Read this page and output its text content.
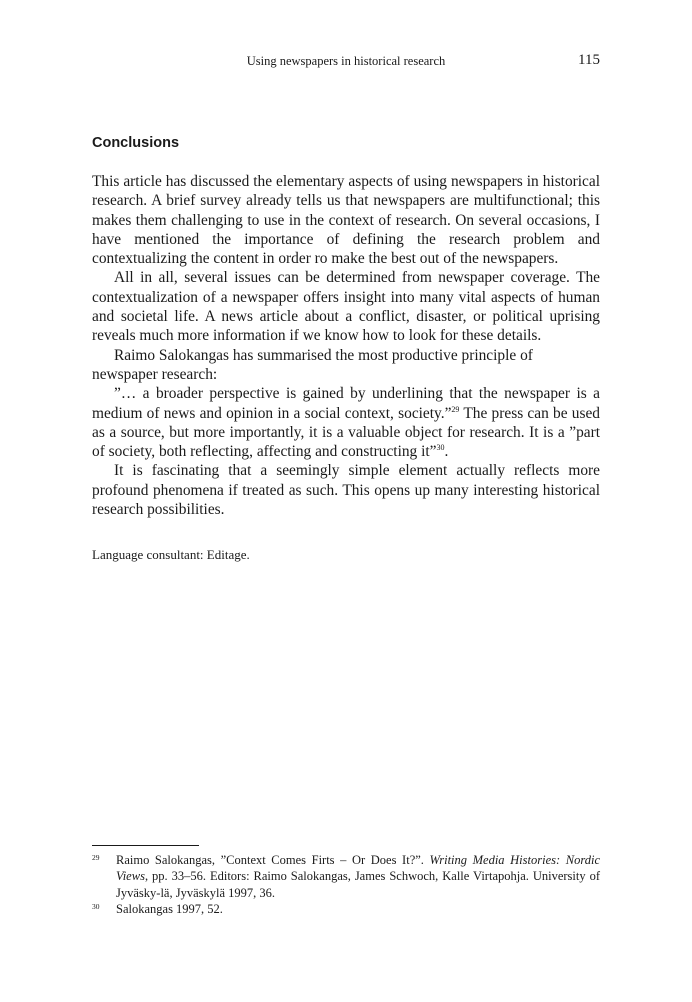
Using newspapers in historical research	115
Conclusions

This article has discussed the elementary aspects of using newspapers in historical research. A brief survey already tells us that newspapers are multifunctional; this makes them challenging to use in the context of research. On several occasions, I have mentioned the importance of defining the research problem and contextualizing the content in order ro make the best out of the newspapers.

All in all, several issues can be determined from newspaper coverage. The contextualization of a newspaper offers insight into many vital aspects of human and societal life. A news article about a conflict, disaster, or political uprising reveals much more information if we know how to look for these details.

Raimo Salokangas has summarised the most productive principle of newspaper research:

”… a broader perspective is gained by underlining that the newspaper is a medium of news and opinion in a social context, society.”$^{29}$ The press can be used as a source, but more importantly, it is a valuable object for research. It is a ”part of society, both reflecting, affecting and constructing it”$^{30}$.

It is fascinating that a seemingly simple element actually reflects more profound phenomena if treated as such. This opens up many interesting historical research possibilities.

Language consultant: Editage.

29	Raimo Salokangas, ”Context Comes Firts – Or Does It?”. Writing Media Histories: Nordic Views, pp. 33–56. Editors: Raimo Salokangas, James Schwoch, Kalle Virtapohja. University of Jyväsky-lä, Jyväskylä 1997, 36.

30	Salokangas 1997, 52.
